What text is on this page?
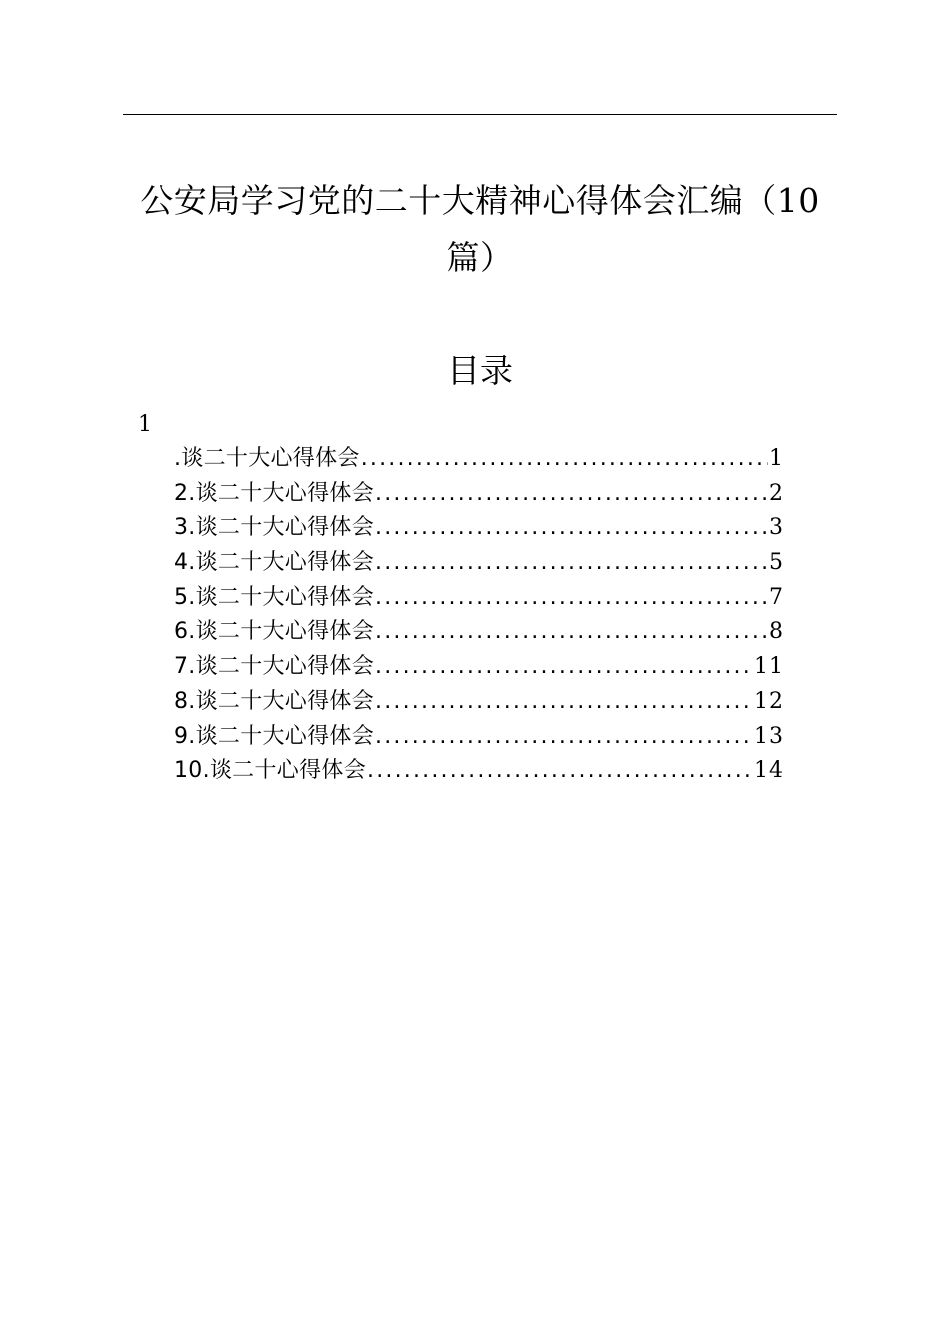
公安局学习党的二十大精神心得体会汇编（10
篇）
目录
1
.谈二十大心得体会 .....	1
2.谈二十大心得体会 .....	2
3.谈二十大心得体会 .....	3
4.谈二十大心得体会 .....	5
5.谈二十大心得体会 .....	7
6.谈二十大心得体会 .....	8
7.谈二十大心得体会 .....	11
8.谈二十大心得体会 .....	12
9.谈二十大心得体会 .....	13
10.谈二十心得体会 .....	14
